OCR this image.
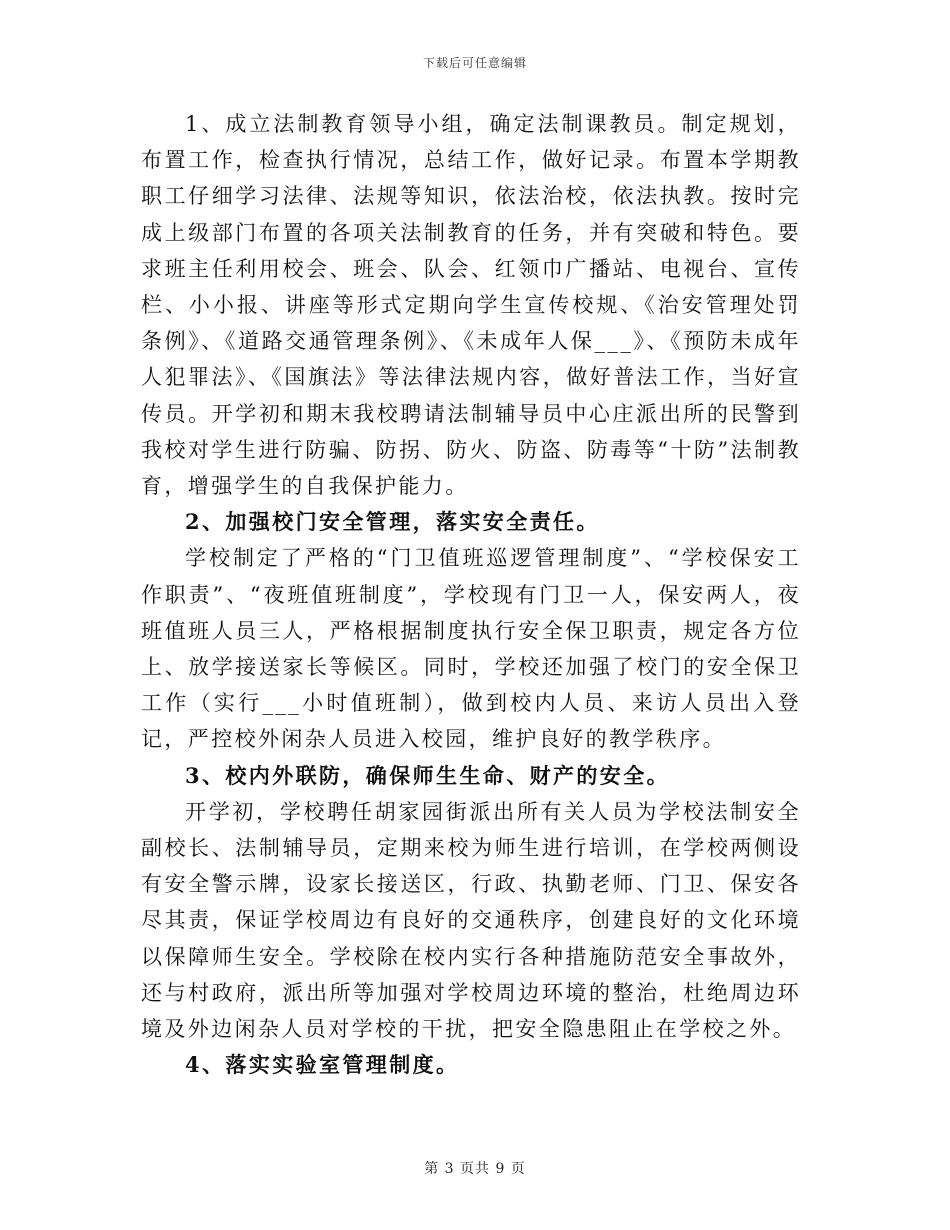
下载后可任意编辑

1、成立法制教育领导小组，确定法制课教员。制定规划，布置工作，检查执行情况，总结工作，做好记录。布置本学期教职工仔细学习法律、法规等知识，依法治校，依法执教。按时完成上级部门布置的各项关法制教育的任务，并有突破和特色。要求班主任利用校会、班会、队会、红领巾广播站、电视台、宣传栏、小小报、讲座等形式定期向学生宣传校规、《治安管理处罚条例》、《道路交通管理条例》、《未成年人保___》、《预防未成年人犯罪法》、《国旗法》等法律法规内容，做好普法工作，当好宣传员。开学初和期末我校聘请法制辅导员中心庄派出所的民警到我校对学生进行防骗、防拐、防火、防盗、防毒等“十防”法制教育，增强学生的自我保护能力。

2、加强校门安全管理，落实安全责任。

学校制定了严格的“门卫值班巡逻管理制度”、“学校保安工作职责”、“夜班值班制度”，学校现有门卫一人，保安两人，夜班值班人员三人，严格根据制度执行安全保卫职责，规定各方位上、放学接送家长等候区。同时，学校还加强了校门的安全保卫工作（实行___小时值班制），做到校内人员、来访人员出入登记，严控校外闲杂人员进入校园，维护良好的教学秩序。

3、校内外联防，确保师生生命、财产的安全。

开学初，学校聘任胡家园街派出所有关人员为学校法制安全副校长、法制辅导员，定期来校为师生进行培训，在学校两侧设有安全警示牌，设家长接送区，行政、执勤老师、门卫、保安各尽其责，保证学校周边有良好的交通秩序，创建良好的文化环境以保障师生安全。学校除在校内实行各种措施防范安全事故外，还与村政府，派出所等加强对学校周边环境的整治，杜绝周边环境及外边闲杂人员对学校的干扰，把安全隐患阻止在学校之外。

4、落实实验室管理制度。

第 3 页共 9 页
